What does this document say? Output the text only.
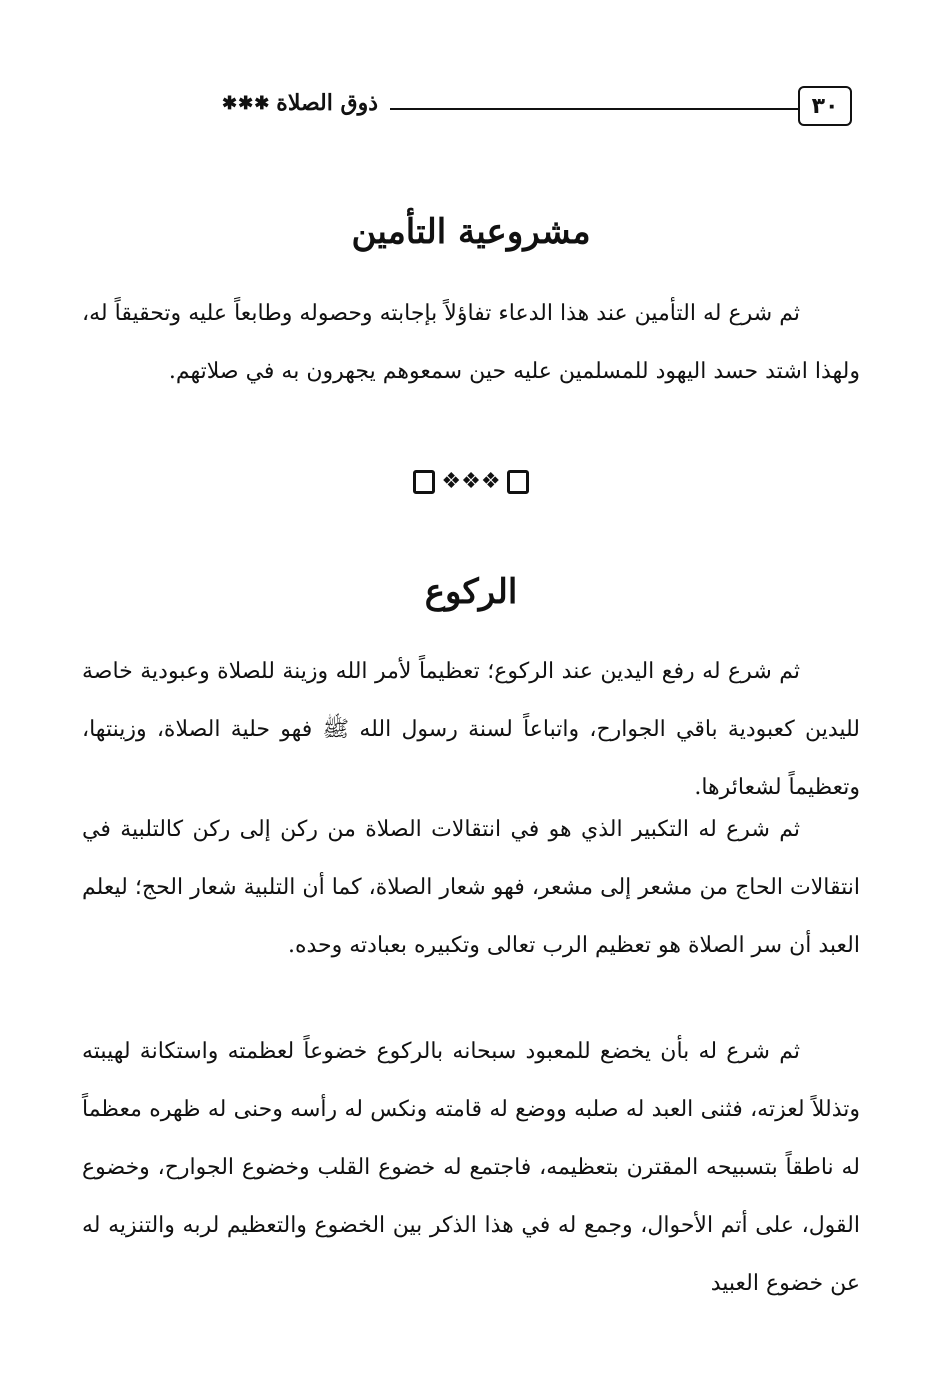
٣٠
ذوق الصلاة
✱✱✱
مشروعية التأمين

ثم شرع له التأمين عند هذا الدعاء تفاؤلاً بإجابته وحصوله وطابعاً عليه وتحقيقاً له، ولهذا اشتد حسد اليهود للمسلمين عليه حين سمعوهم يجهرون به في صلاتهم.

❖❖❖
الركوع

ثم شرع له رفع اليدين عند الركوع؛ تعظيماً لأمر الله وزينة للصلاة وعبودية خاصة لليدين كعبودية باقي الجوارح، واتباعاً لسنة رسول الله ﷺ فهو حلية الصلاة، وزينتها، وتعظيماً لشعائرها.

ثم شرع له التكبير الذي هو في انتقالات الصلاة من ركن إلى ركن كالتلبية في انتقالات الحاج من مشعر إلى مشعر، فهو شعار الصلاة، كما أن التلبية شعار الحج؛ ليعلم العبد أن سر الصلاة هو تعظيم الرب تعالى وتكبيره بعبادته وحده.

ثم شرع له بأن يخضع للمعبود سبحانه بالركوع خضوعاً لعظمته واستكانة لهيبته وتذللاً لعزته، فثنى العبد له صلبه ووضع له قامته ونكس له رأسه وحنى له ظهره معظماً له ناطقاً بتسبيحه المقترن بتعظيمه، فاجتمع له خضوع القلب وخضوع الجوارح، وخضوع القول، على أتم الأحوال، وجمع له في هذا الذكر بين الخضوع والتعظيم لربه والتنزيه له عن خضوع العبيد
